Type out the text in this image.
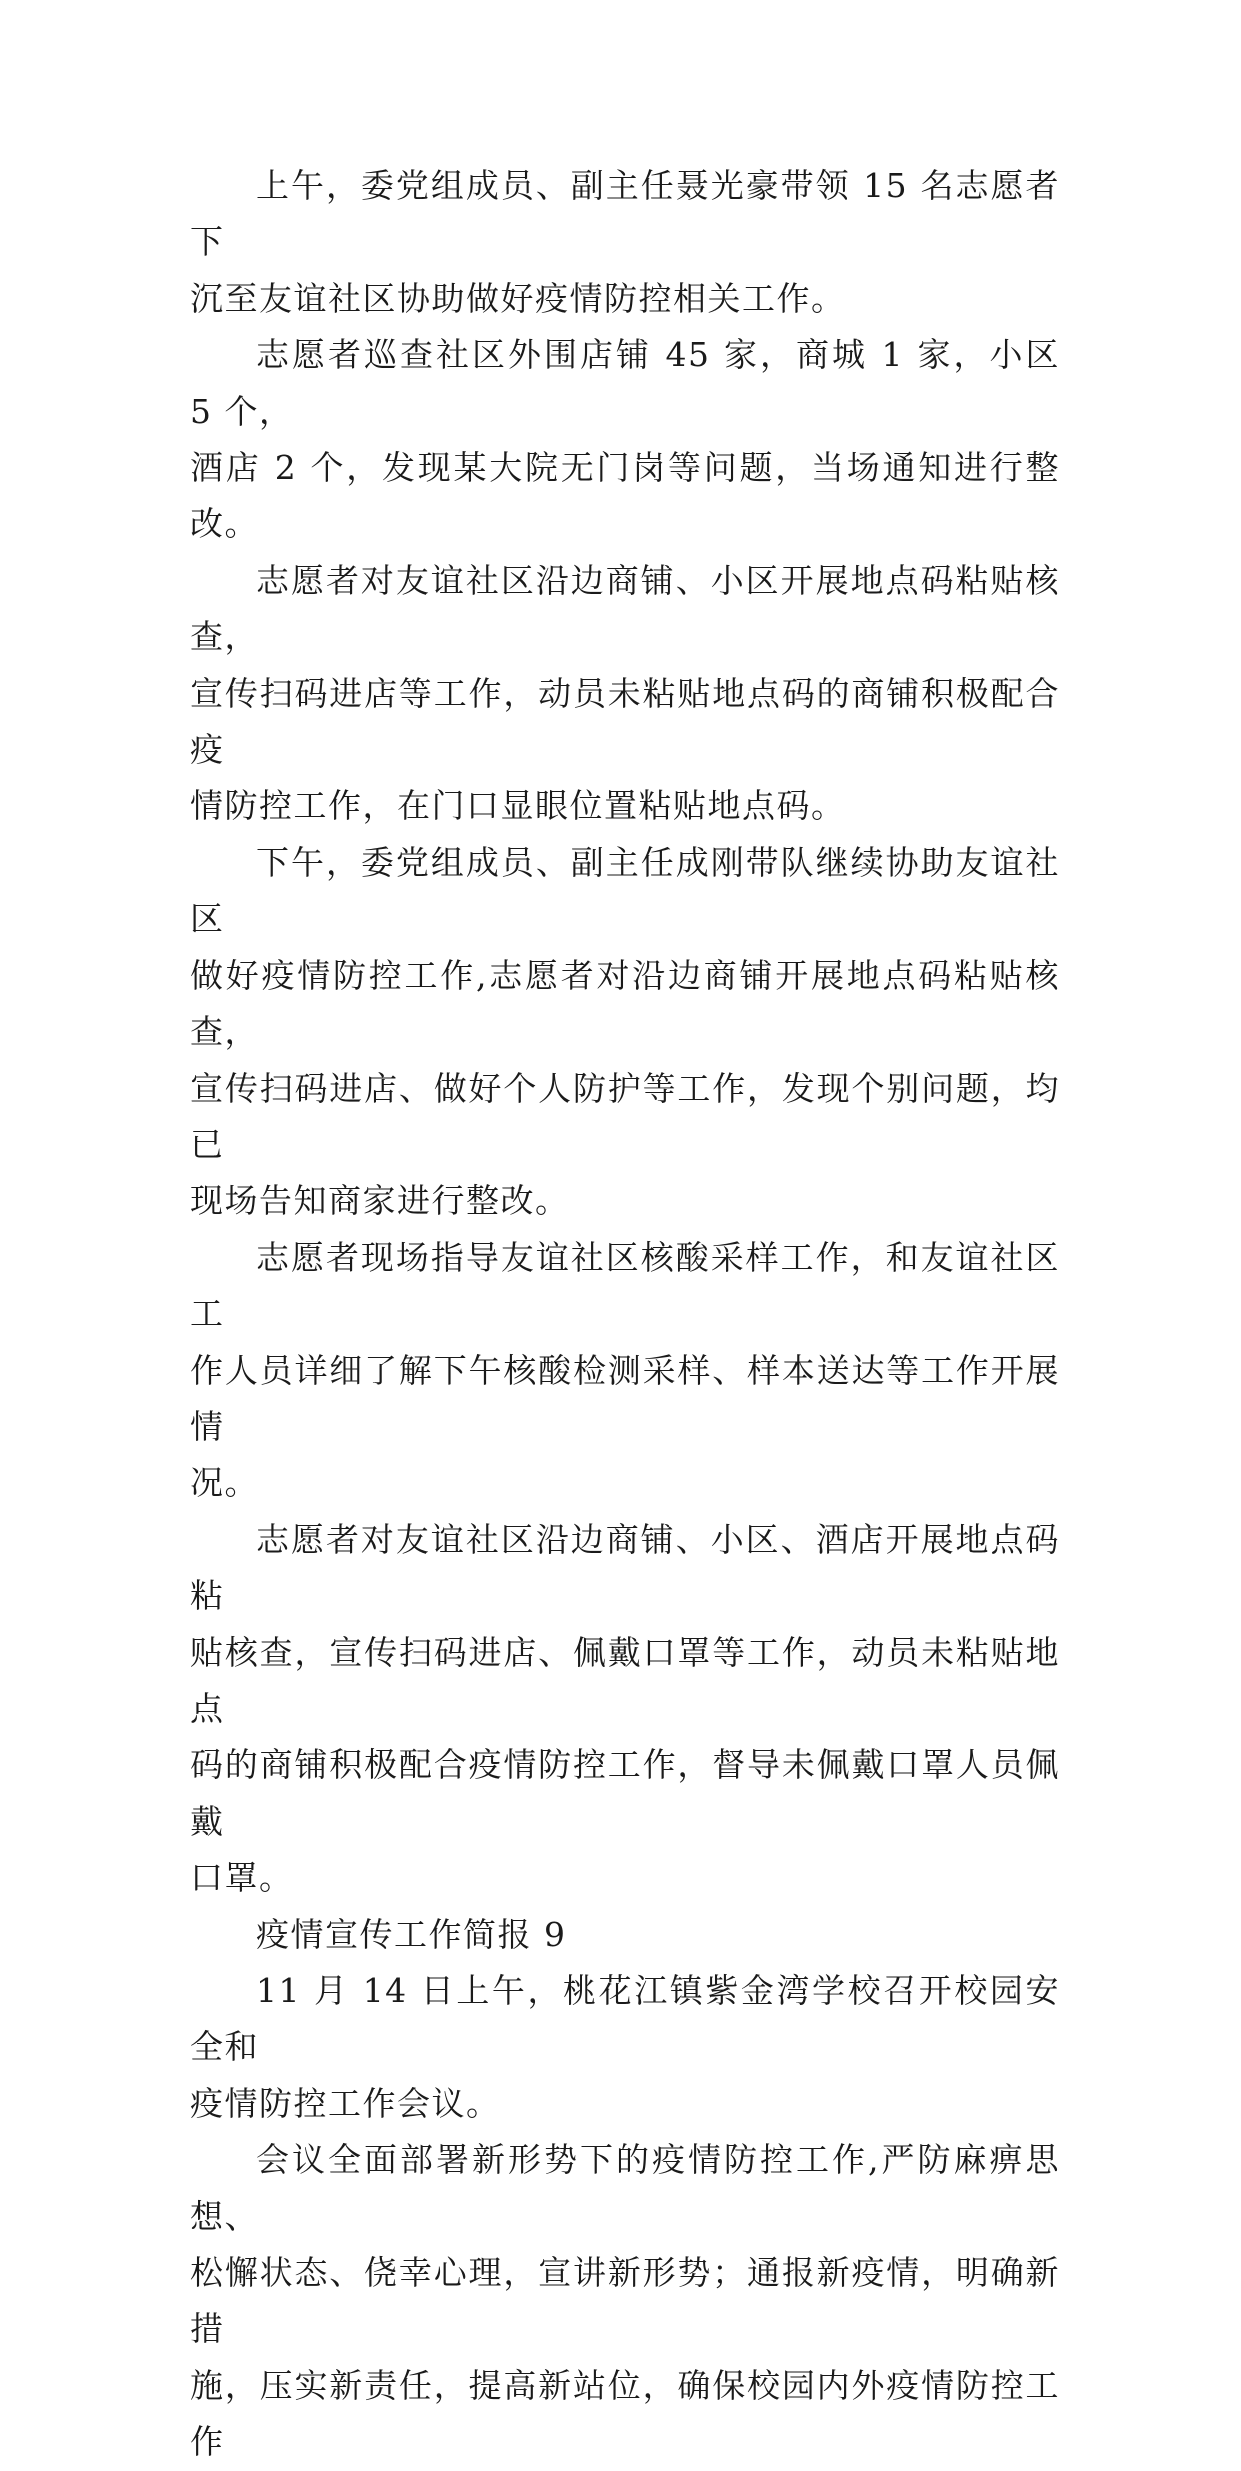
上午，委党组成员、副主任聂光豪带领 15 名志愿者下
沉至友谊社区协助做好疫情防控相关工作。

志愿者巡查社区外围店铺 45 家，商城 1 家，小区 5 个，
酒店 2 个，发现某大院无门岗等问题，当场通知进行整改。

志愿者对友谊社区沿边商铺、小区开展地点码粘贴核查，
宣传扫码进店等工作，动员未粘贴地点码的商铺积极配合疫
情防控工作，在门口显眼位置粘贴地点码。

下午，委党组成员、副主任成刚带队继续协助友谊社区
做好疫情防控工作,志愿者对沿边商铺开展地点码粘贴核查，
宣传扫码进店、做好个人防护等工作，发现个别问题，均已
现场告知商家进行整改。

志愿者现场指导友谊社区核酸采样工作，和友谊社区工
作人员详细了解下午核酸检测采样、样本送达等工作开展情
况。

志愿者对友谊社区沿边商铺、小区、酒店开展地点码粘
贴核查，宣传扫码进店、佩戴口罩等工作，动员未粘贴地点
码的商铺积极配合疫情防控工作，督导未佩戴口罩人员佩戴
口罩。

疫情宣传工作简报 9

11 月 14 日上午，桃花江镇紫金湾学校召开校园安全和
疫情防控工作会议。

会议全面部署新形势下的疫情防控工作,严防麻痹思想、
松懈状态、侥幸心理，宣讲新形势；通报新疫情，明确新措
施，压实新责任，提高新站位，确保校园内外疫情防控工作
